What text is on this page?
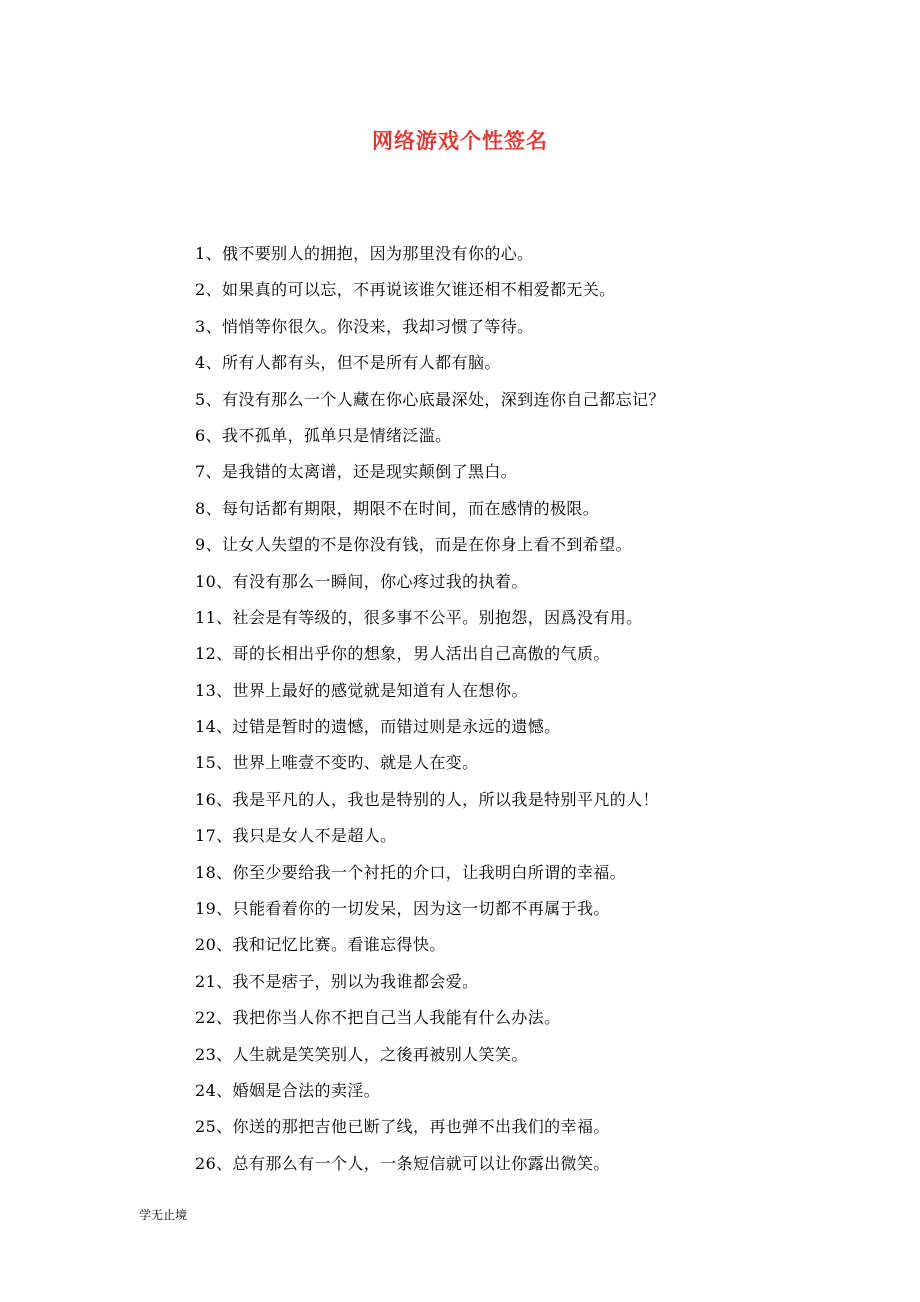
网络游戏个性签名
1、俄不要别人的拥抱，因为那里没有你的心。
2、如果真的可以忘，不再说该谁欠谁还相不相爱都无关。
3、悄悄等你很久。你没来，我却习惯了等待。
4、所有人都有头，但不是所有人都有脑。
5、有没有那么一个人藏在你心底最深处，深到连你自己都忘记？
6、我不孤单，孤单只是情绪泛滥。
7、是我错的太离谱，还是现实颠倒了黑白。
8、每句话都有期限，期限不在时间，而在感情的极限。
9、让女人失望的不是你没有钱，而是在你身上看不到希望。
10、有没有那么一瞬间，你心疼过我的执着。
11、社会是有等级的，很多事不公平。别抱怨，因爲没有用。
12、哥的长相出乎你的想象，男人活出自己高傲的气质。
13、世界上最好的感觉就是知道有人在想你。
14、过错是暂时的遗憾，而错过则是永远的遗憾。
15、世界上唯壹不变旳、就是人在变。
16、我是平凡的人，我也是特别的人，所以我是特别平凡的人！
17、我只是女人不是超人。
18、你至少要给我一个衬托的介口，让我明白所谓的幸福。
19、只能看着你的一切发呆，因为这一切都不再属于我。
20、我和记忆比赛。看谁忘得快。
21、我不是痞子，别以为我谁都会爱。
22、我把你当人你不把自己当人我能有什么办法。
23、人生就是笑笑别人，之後再被别人笑笑。
24、婚姻是合法的卖淫。
25、你送的那把吉他已断了线，再也弹不出我们的幸福。
26、总有那么有一个人，一条短信就可以让你露出微笑。
学无止境
